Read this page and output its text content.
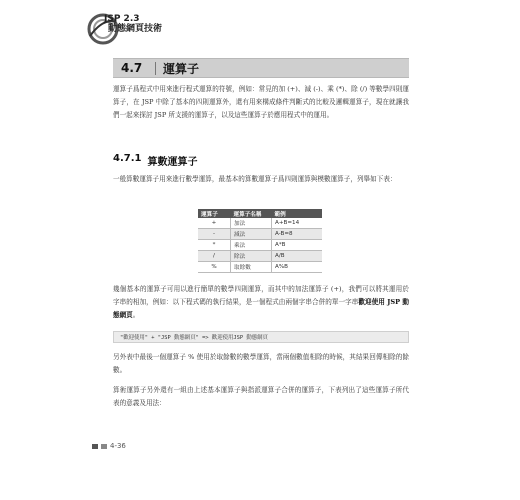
JSP 2.3
動態網頁技術
4.7	運算子

運算子爲程式中用來進行程式運算的符號，例如：常見的加 (+)、減 (-)、乘 (*)、除 (/) 等數學四則運算子，在 JSP 中除了基本的四則運算外，還有用來構成條件判斷式的比較及邏輯運算子，現在就讓我們一起來探討 JSP 所支援的運算子，以及這些運算子於應用程式中的運用。

4.7.1 算數運算子

一般算數運算子用來進行數學運算，最基本的算數運算子爲四則運算與模數運算子，列舉如下表：

運算子	運算子名稱	範例
+	加法	A+B=14
-	減法	A-B=8
*	乘法	A*B
/	除法	A/B
%	取餘數	A%B

幾個基本的運算子可用以進行簡單的數學四則運算，而其中的加法運算子 (+)，我們可以將其運用於字串的相加，例如：以下程式碼的執行結果，是一個程式由兩個字串合併的單一字串歡迎使用 JSP 動態網頁。

"歡迎使用" + "JSP 動態網頁" => 歡迎使用JSP 動態網頁

另外表中最後一個運算子 % 使用於取餘數的數學運算，當兩個數值相除的時候，其結果回傳相除的餘數。

算術運算子另外還有一組由上述基本運算子與指派運算子合併的運算子，下表列出了這些運算子所代表的意義及用法：

4-36
